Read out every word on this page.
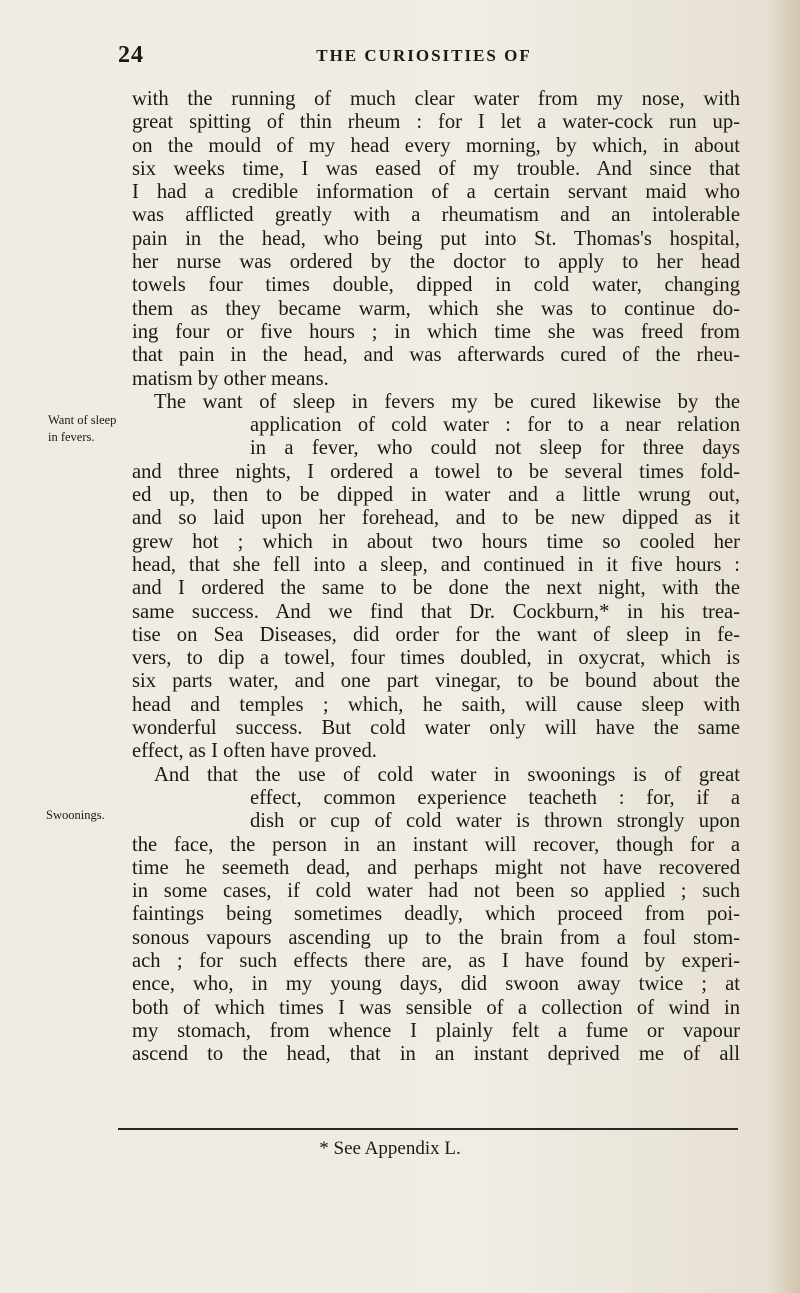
24	THE CURIOSITIES OF
Want of sleep
in fevers.
Swoonings.
with the running of much clear water from my nose, with
great spitting of thin rheum : for I let a water-cock run up-
on the mould of my head every morning, by which, in about
six weeks time, I was eased of my trouble. And since that
I had a credible information of a certain servant maid who
was afflicted greatly with a rheumatism and an intolerable
pain in the head, who being put into St. Thomas's hospital,
her nurse was ordered by the doctor to apply to her head
towels four times double, dipped in cold water, changing
them as they became warm, which she was to continue do-
ing four or five hours ; in which time she was freed from
that pain in the head, and was afterwards cured of the rheu-
matism by other means.
The want of sleep in fevers my be cured likewise by the
application of cold water : for to a near relation
in a fever, who could not sleep for three days
and three nights, I ordered a towel to be several times fold-
ed up, then to be dipped in water and a little wrung out,
and so laid upon her forehead, and to be new dipped as it
grew hot ; which in about two hours time so cooled her
head, that she fell into a sleep, and continued in it five hours :
and I ordered the same to be done the next night, with the
same success. And we find that Dr. Cockburn,* in his trea-
tise on Sea Diseases, did order for the want of sleep in fe-
vers, to dip a towel, four times doubled, in oxycrat, which is
six parts water, and one part vinegar, to be bound about the
head and temples ; which, he saith, will cause sleep with
wonderful success. But cold water only will have the same
effect, as I often have proved.
And that the use of cold water in swoonings is of great
effect, common experience teacheth : for, if a
dish or cup of cold water is thrown strongly upon
the face, the person in an instant will recover, though for a
time he seemeth dead, and perhaps might not have recovered
in some cases, if cold water had not been so applied ; such
faintings being sometimes deadly, which proceed from poi-
sonous vapours ascending up to the brain from a foul stom-
ach ; for such effects there are, as I have found by experi-
ence, who, in my young days, did swoon away twice ; at
both of which times I was sensible of a collection of wind in
my stomach, from whence I plainly felt a fume or vapour
ascend to the head, that in an instant deprived me of all
* See Appendix L.
